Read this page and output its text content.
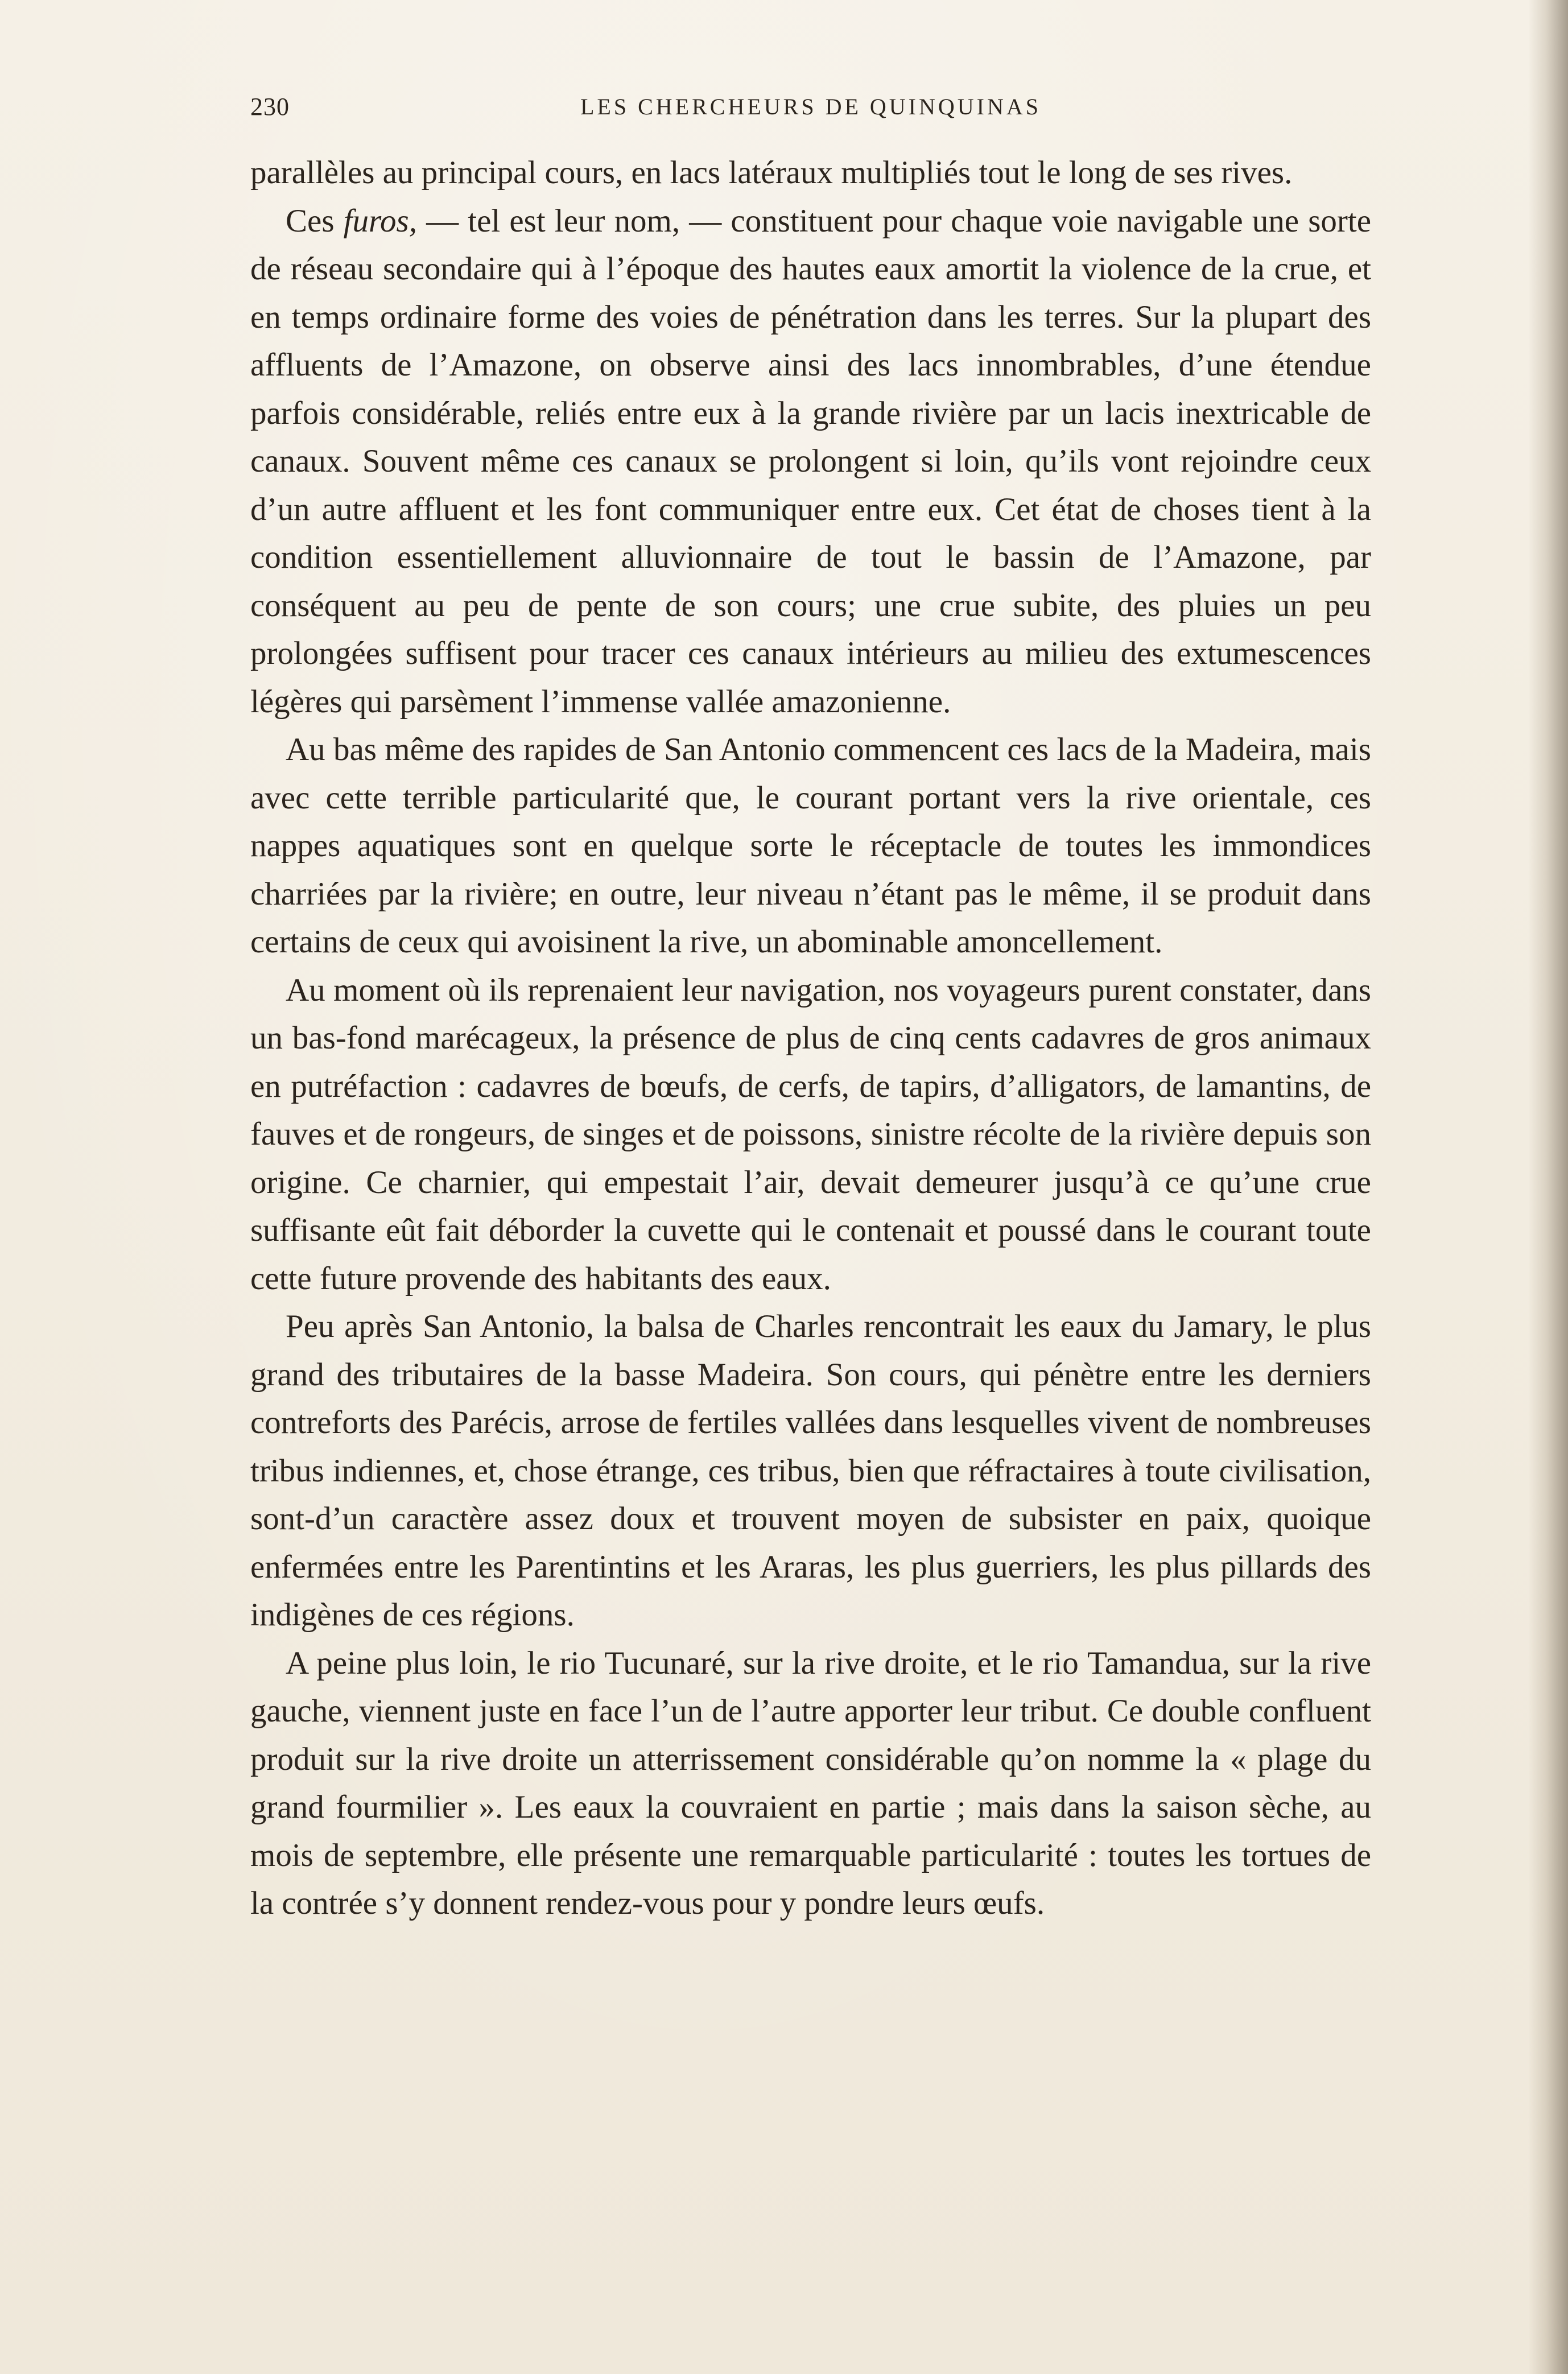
230	LES CHERCHEURS DE QUINQUINAS

parallèles au principal cours, en lacs latéraux multipliés tout le long de ses rives.

Ces furos, — tel est leur nom, — constituent pour chaque voie navigable une sorte de réseau secondaire qui à l’époque des hautes eaux amortit la violence de la crue, et en temps ordinaire forme des voies de pénétration dans les terres. Sur la plupart des affluents de l’Amazone, on observe ainsi des lacs innombrables, d’une étendue parfois considérable, reliés entre eux à la grande rivière par un lacis inextricable de canaux. Souvent même ces canaux se prolongent si loin, qu’ils vont rejoindre ceux d’un autre affluent et les font communiquer entre eux. Cet état de choses tient à la condition essentiellement alluvionnaire de tout le bassin de l’Amazone, par conséquent au peu de pente de son cours; une crue subite, des pluies un peu prolongées suffisent pour tracer ces canaux intérieurs au milieu des extumescences légères qui parsèment l’immense vallée amazonienne.

Au bas même des rapides de San Antonio commencent ces lacs de la Madeira, mais avec cette terrible particularité que, le courant portant vers la rive orientale, ces nappes aquatiques sont en quelque sorte le réceptacle de toutes les immondices charriées par la rivière; en outre, leur niveau n’étant pas le même, il se produit dans certains de ceux qui avoisinent la rive, un abominable amoncellement.

Au moment où ils reprenaient leur navigation, nos voyageurs purent constater, dans un bas-fond marécageux, la présence de plus de cinq cents cadavres de gros animaux en putréfaction : cadavres de bœufs, de cerfs, de tapirs, d’alligators, de lamantins, de fauves et de rongeurs, de singes et de poissons, sinistre récolte de la rivière depuis son origine. Ce charnier, qui empestait l’air, devait demeurer jusqu’à ce qu’une crue suffisante eût fait déborder la cuvette qui le contenait et poussé dans le courant toute cette future provende des habitants des eaux.

Peu après San Antonio, la balsa de Charles rencontrait les eaux du Jamary, le plus grand des tributaires de la basse Madeira. Son cours, qui pénètre entre les derniers contreforts des Parécis, arrose de fertiles vallées dans lesquelles vivent de nombreuses tribus indiennes, et, chose étrange, ces tribus, bien que réfractaires à toute civilisation, sont-d’un caractère assez doux et trouvent moyen de subsister en paix, quoique enfermées entre les Parentintins et les Araras, les plus guerriers, les plus pillards des indigènes de ces régions.

A peine plus loin, le rio Tucunaré, sur la rive droite, et le rio Tamandua, sur la rive gauche, viennent juste en face l’un de l’autre apporter leur tribut. Ce double confluent produit sur la rive droite un atterrissement considérable qu’on nomme la « plage du grand fourmilier ». Les eaux la couvraient en partie ; mais dans la saison sèche, au mois de septembre, elle présente une remarquable particularité : toutes les tortues de la contrée s’y donnent rendez-vous pour y pondre leurs œufs.
